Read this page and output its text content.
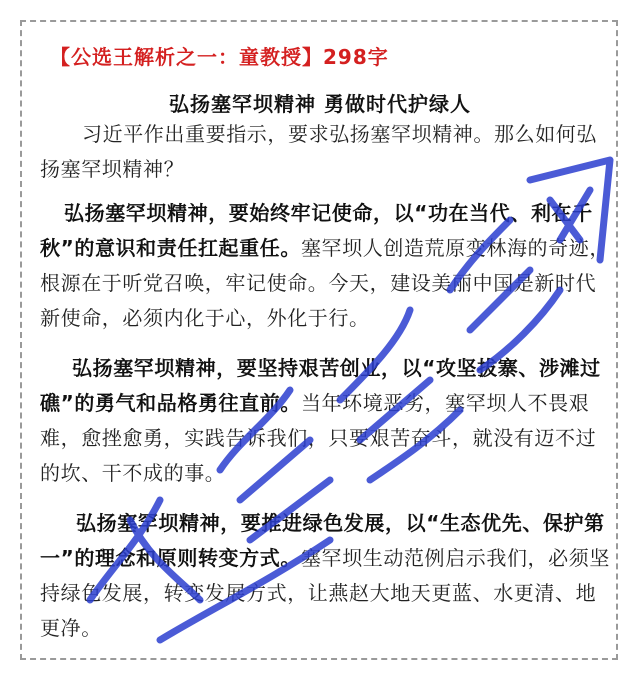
【公选王解析之一：童教授】298字
弘扬塞罕坝精神 勇做时代护绿人
习近平作出重要指示，要求弘扬塞罕坝精神。那么如何弘扬塞罕坝精神？
弘扬塞罕坝精神，要始终牢记使命，以“功在当代、利在千秋”的意识和责任扛起重任。塞罕坝人创造荒原变林海的奇迹，根源在于听党召唤，牢记使命。今天，建设美丽中国是新时代新使命，必须内化于心，外化于行。
弘扬塞罕坝精神，要坚持艰苦创业，以“攻坚拔寨、涉滩过礁”的勇气和品格勇往直前。当年环境恶劣，塞罕坝人不畏艰难，愈挫愈勇，实践告诉我们，只要艰苦奋斗，就没有迈不过的坎、干不成的事。
弘扬塞罕坝精神，要推进绿色发展，以“生态优先、保护第一”的理念和原则转变方式。塞罕坝生动范例启示我们，必须坚持绿色发展，转变发展方式，让燕赵大地天更蓝、水更清、地更净。
